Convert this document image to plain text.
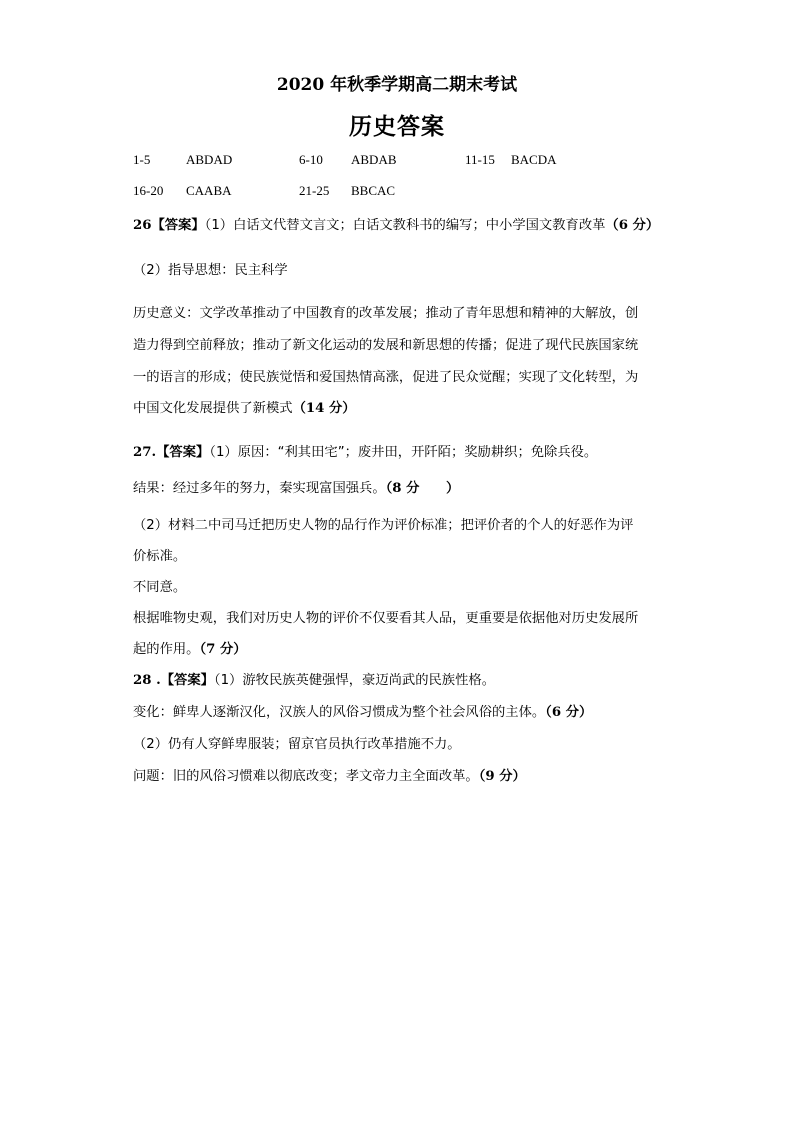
2020 年秋季学期高二期末考试
历史答案
1-5	ABDAD	6-10 ABDAB	11-15 BACDA
16-20 CAABA	21-25 BBCAC
26【答案】（1）白话文代替文言文；白话文教科书的编写；中小学国文教育改革（6 分）
（2）指导思想：民主科学
历史意义：文学改革推动了中国教育的改革发展；推动了青年思想和精神的大解放，创
造力得到空前释放；推动了新文化运动的发展和新思想的传播；促进了现代民族国家统
一的语言的形成；使民族觉悟和爱国热情高涨，促进了民众觉醒；实现了文化转型，为
中国文化发展提供了新模式（14 分）
27.【答案】（1）原因：“利其田宅”；废井田，开阡陌；奖励耕织；免除兵役。
结果：经过多年的努力，秦实现富国强兵。（8 分　　）
（2）材料二中司马迁把历史人物的品行作为评价标准；把评价者的个人的好恶作为评
价标准。
不同意。
根据唯物史观，我们对历史人物的评价不仅要看其人品，更重要是依据他对历史发展所
起的作用。（7 分）
28 .【答案】（1）游牧民族英健强悍，豪迈尚武的民族性格。
变化：鲜卑人逐渐汉化，汉族人的风俗习惯成为整个社会风俗的主体。（6 分）
（2）仍有人穿鲜卑服装；留京官员执行改革措施不力。
问题：旧的风俗习惯难以彻底改变；孝文帝力主全面改革。（9 分）
